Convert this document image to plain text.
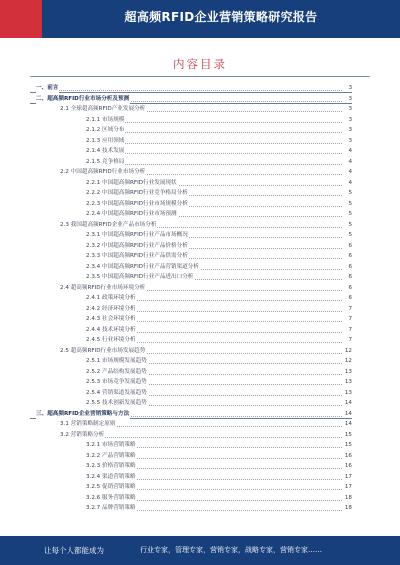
超高频RFID企业营销策略研究报告
内容目录
一、前言	3
二、超高频RFID行业市场分析及预测	3
2.1 全球超高频RFID产业发展分析	3
2.1.1 市场规模	3
2.1.2 区域分布	3
2.1.3 应用领域	3
2.1.4 技术发展	4
2.1.5 竞争格局	4
2.2 中国超高频RFID行业市场分析	4
2.2.1 中国超高频RFID行业发展现状	4
2.2.2 中国超高频RFID行业竞争格局分析	5
2.2.3 中国超高频RFID行业市场规模分析	5
2.2.4 中国超高频RFID行业市场预测	5
2.3 我国超高频RFID企业产品市场分析	5
2.3.1 中国超高频RFID行业产品市场概况	5
2.3.2 中国超高频RFID行业产品价格分析	6
2.3.3 中国超高频RFID行业产品供需分析	6
2.3.4 中国超高频RFID行业产品营销渠道分析	6
2.3.5 中国超高频RFID行业产品进出口分析	6
2.4 超高频RFID行业市场环境分析	6
2.4.1 政策环境分析	6
2.4.2 经济环境分析	7
2.4.3 社会环境分析	7
2.4.4 技术环境分析	7
2.4.5 行业环境分析	7
2.5 超高频RFID行业市场发展趋势	12
2.5.1 市场规模发展趋势	12
2.5.2 产品结构发展趋势	13
2.5.3 市场竞争发展趋势	13
2.5.4 营销渠道发展趋势	13
2.5.5 技术创新发展趋势	14
三、超高频RFID企业营销策略与方法	14
3.1 营销策略制定原则	14
3.2 营销策略分析	15
3.2.1 市场营销策略	15
3.2.2 产品营销策略	16
3.2.3 价格营销策略	16
3.2.4 渠道营销策略	17
3.2.5 促销营销策略	17
3.2.6 服务营销策略	18
3.2.7 品牌营销策略	18
让每个人都能成为	行业专家，管理专家，营销专家，战略专家，营销专家……
